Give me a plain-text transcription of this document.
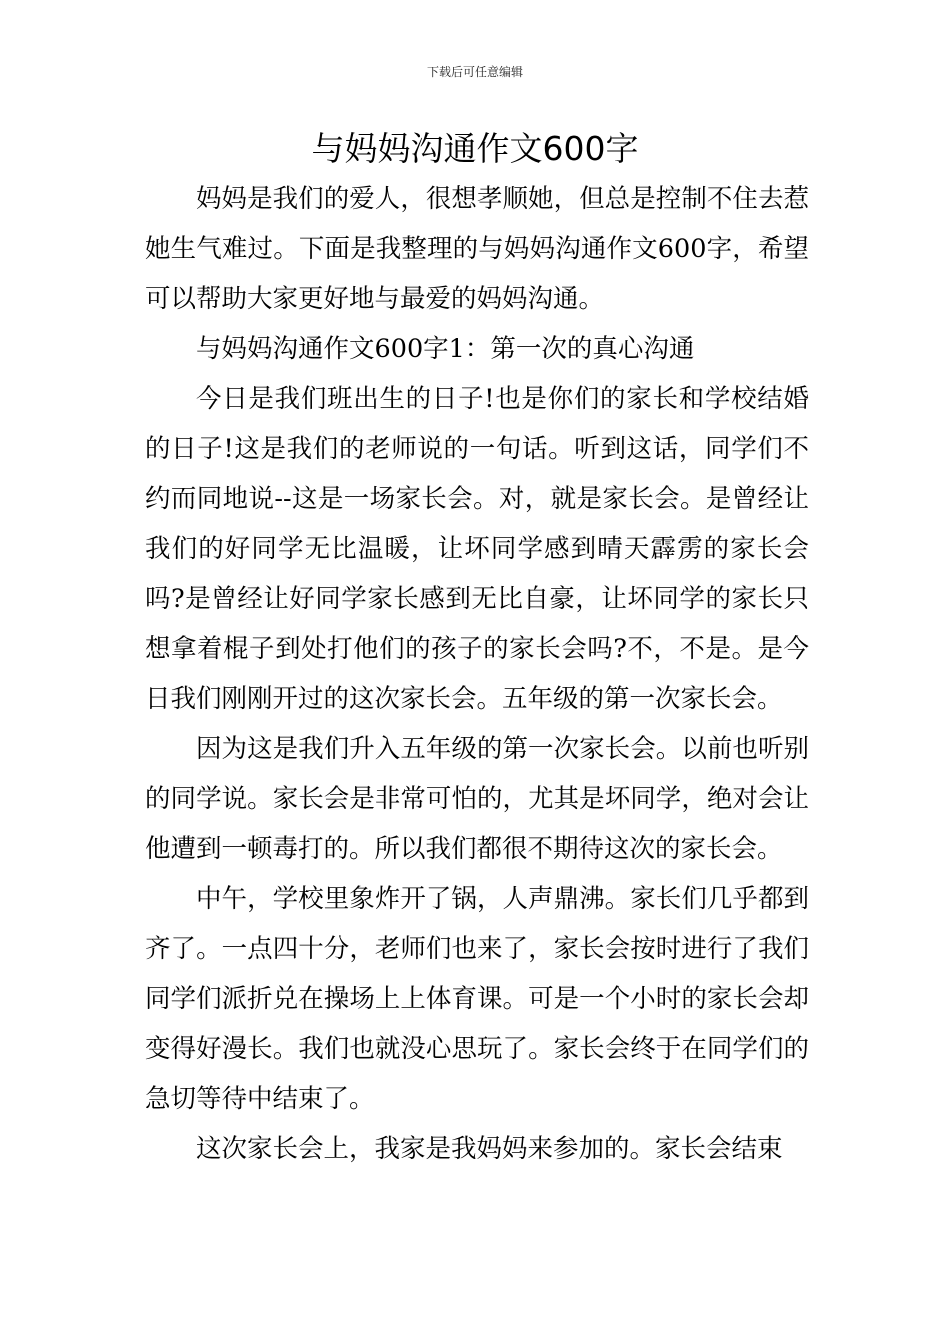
下载后可任意编辑
与妈妈沟通作文600字

妈妈是我们的爱人，很想孝顺她，但总是控制不住去惹她生气难过。下面是我整理的与妈妈沟通作文600字，希望可以帮助大家更好地与最爱的妈妈沟通。

与妈妈沟通作文600字1：第一次的真心沟通

今日是我们班出生的日子!也是你们的家长和学校结婚的日子!这是我们的老师说的一句话。听到这话，同学们不约而同地说--这是一场家长会。对，就是家长会。是曾经让我们的好同学无比温暖，让坏同学感到晴天霹雳的家长会吗?是曾经让好同学家长感到无比自豪，让坏同学的家长只想拿着棍子到处打他们的孩子的家长会吗?不，不是。是今日我们刚刚开过的这次家长会。五年级的第一次家长会。

因为这是我们升入五年级的第一次家长会。以前也听别的同学说。家长会是非常可怕的，尤其是坏同学，绝对会让他遭到一顿毒打的。所以我们都很不期待这次的家长会。

中午，学校里象炸开了锅，人声鼎沸。家长们几乎都到齐了。一点四十分，老师们也来了，家长会按时进行了我们同学们派折兑在操场上上体育课。可是一个小时的家长会却变得好漫长。我们也就没心思玩了。家长会终于在同学们的急切等待中结束了。

这次家长会上，我家是我妈妈来参加的。家长会结束
